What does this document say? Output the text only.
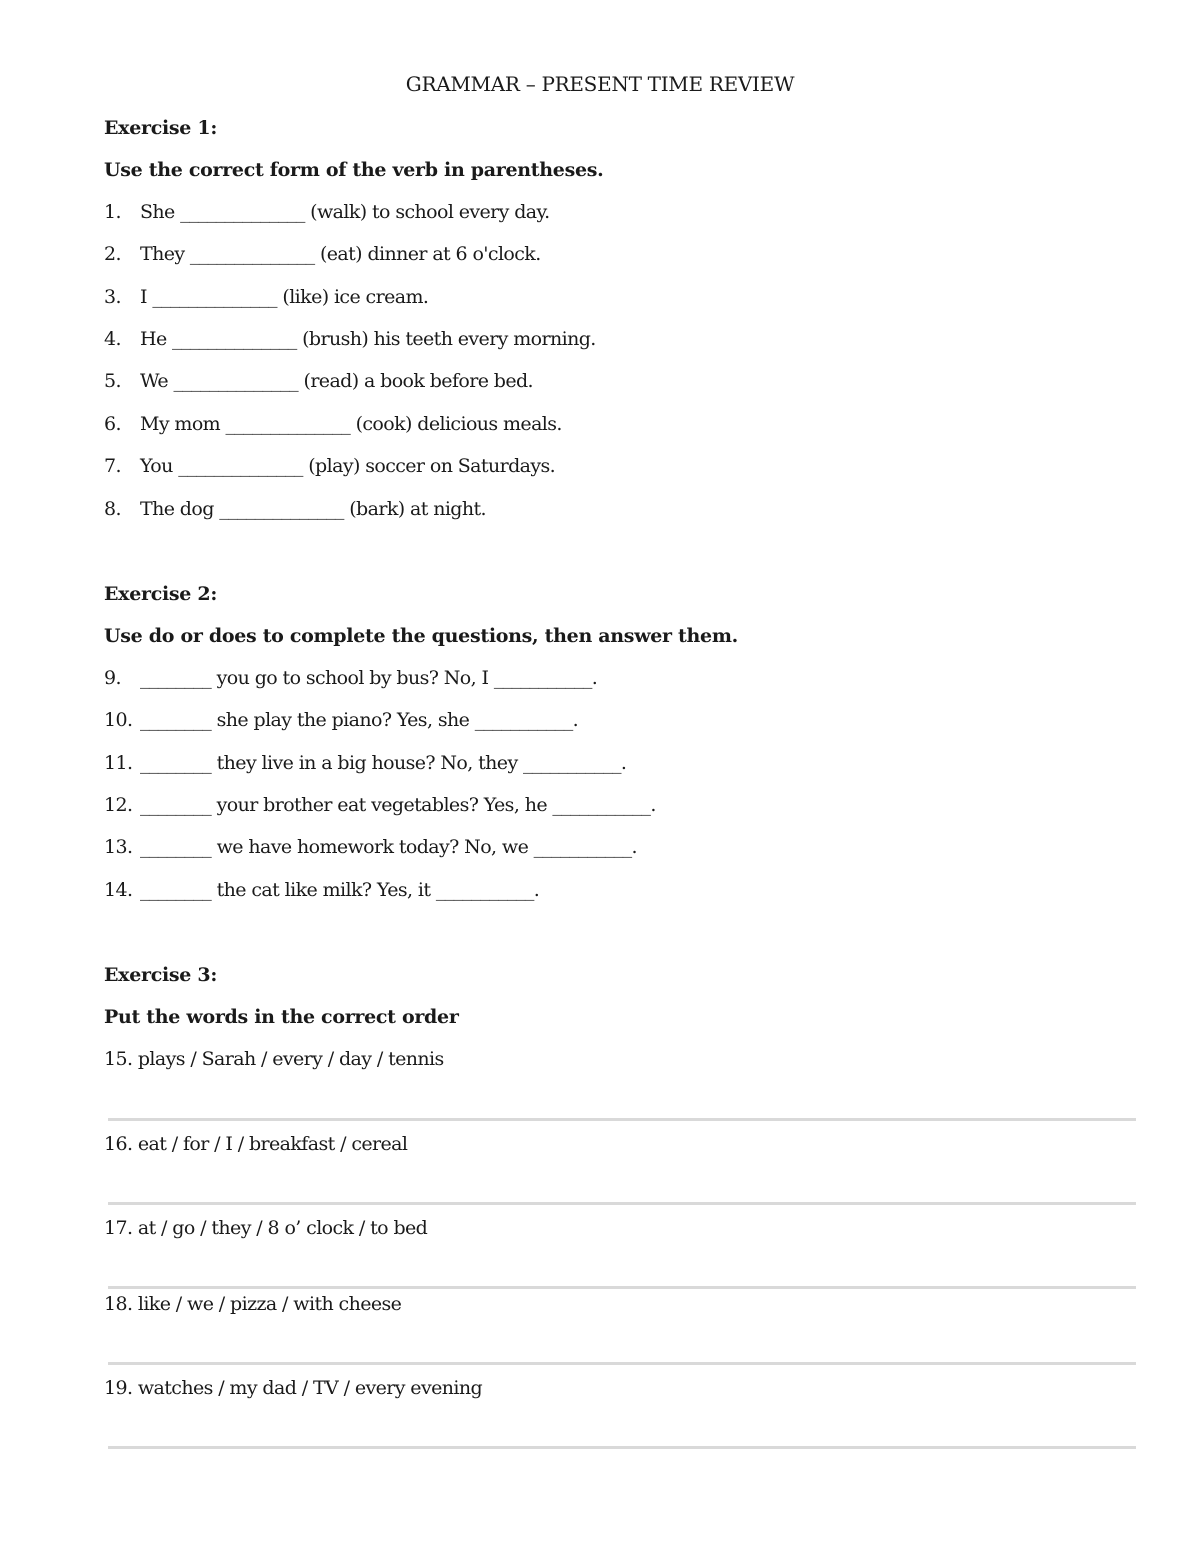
GRAMMAR – PRESENT TIME REVIEW
Exercise 1:
Use the correct form of the verb in parentheses.
1. She ______________ (walk) to school every day.
2. They ______________ (eat) dinner at 6 o'clock.
3. I ______________ (like) ice cream.
4. He ______________ (brush) his teeth every morning.
5. We ______________ (read) a book before bed.
6. My mom ______________ (cook) delicious meals.
7. You ______________ (play) soccer on Saturdays.
8. The dog ______________ (bark) at night.
Exercise 2:
Use do or does to complete the questions, then answer them.
9. ________ you go to school by bus? No, I ___________.
10. ________ she play the piano? Yes, she ___________.
11. ________ they live in a big house? No, they ___________.
12. ________ your brother eat vegetables? Yes, he ___________.
13. ________ we have homework today? No, we ___________.
14. ________ the cat like milk? Yes, it ___________.
Exercise 3:
Put the words in the correct order
15. plays / Sarah / every / day / tennis
16. eat / for / I / breakfast / cereal
17. at / go / they / 8 o’ clock / to bed
18. like / we / pizza / with cheese
19. watches / my dad / TV / every evening
